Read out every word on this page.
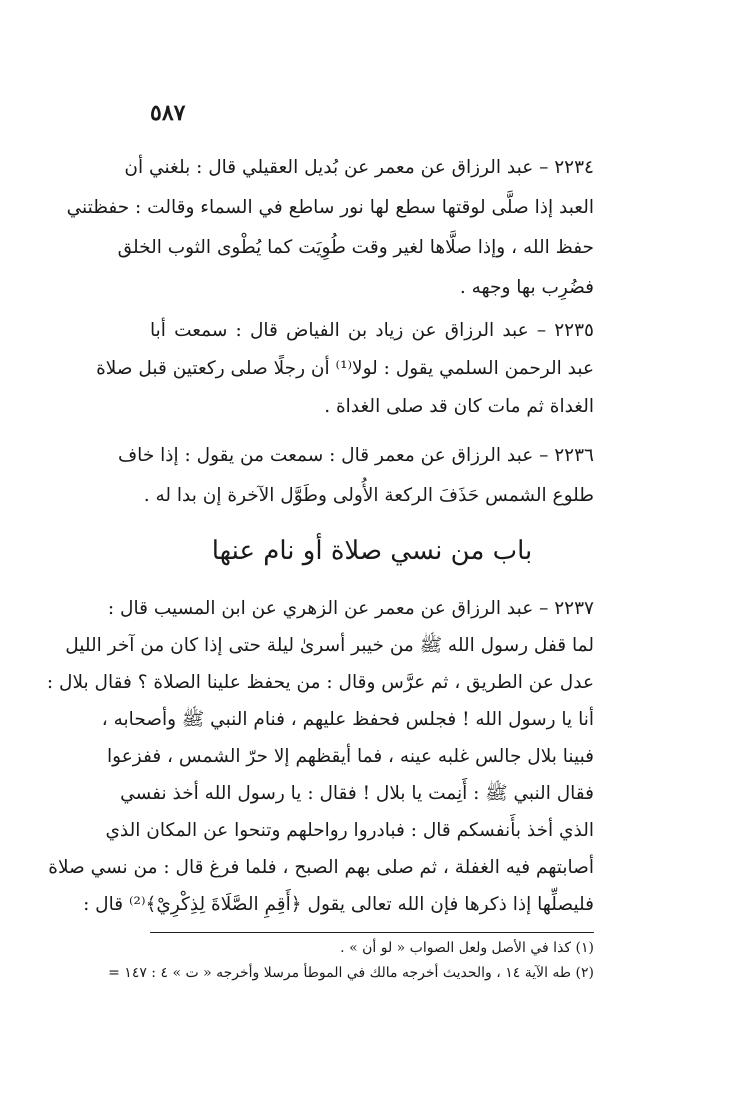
٥٨٧
٢٢٣٤ – عبد الرزاق عن معمر عن بُديل العقيلي قال : بلغني أن
العبد إذا صلَّى لوقتها سطع لها نور ساطع في السماء وقالت : حفظتني
حفظ الله ، وإذا صلَّاها لغير وقت طُوِيَت كما يُطْوى الثوب الخلق
فضُرِب بها وجهه .
٢٢٣٥ – عبد الرزاق عن زياد بن الفياض قال : سمعت أبا
عبد الرحمن السلمي يقول : لولا⁽¹⁾ أن رجلًا صلى ركعتين قبل صلاة
الغداة ثم مات كان قد صلى الغداة .
٢٢٣٦ – عبد الرزاق عن معمر قال : سمعت من يقول : إذا خاف
طلوع الشمس حَذَفَ الركعة الأُولى وطَوَّل الآخرة إن بدا له .
باب من نسي صلاة أو نام عنها
٢٢٣٧ – عبد الرزاق عن معمر عن الزهري عن ابن المسيب قال :
لما قفل رسول الله ﷺ من خيبر أسرىٰ ليلة حتى إذا كان من آخر الليل
عدل عن الطريق ، ثم عرَّس وقال : من يحفظ علينا الصلاة ؟ فقال بلال :
أنا يا رسول الله ! فجلس فحفظ عليهم ، فنام النبي ﷺ وأصحابه ،
فبينا بلال جالس غلبه عينه ، فما أيقظهم إلا حرّ الشمس ، ففزعوا
فقال النبي ﷺ : أَنِمت يا بلال ! فقال : يا رسول الله أخذ نفسي
الذي أخذ بأَنفسكم قال : فبادروا رواحلهم وتنحوا عن المكان الذي
أصابتهم فيه الغفلة ، ثم صلى بهم الصبح ، فلما فرغ قال : من نسي صلاة
فليصلِّها إذا ذكرها فإن الله تعالى يقول ﴿أَقِمِ الصَّلَاةَ لِذِكْرِيْ﴾⁽²⁾ قال :
(١) كذا في الأصل ولعل الصواب « لو أن » .
(٢) طه الآية ١٤ ، والحديث أخرجه مالك في الموطأ مرسلا وأخرجه « ت » ٤ : ١٤٧ =
